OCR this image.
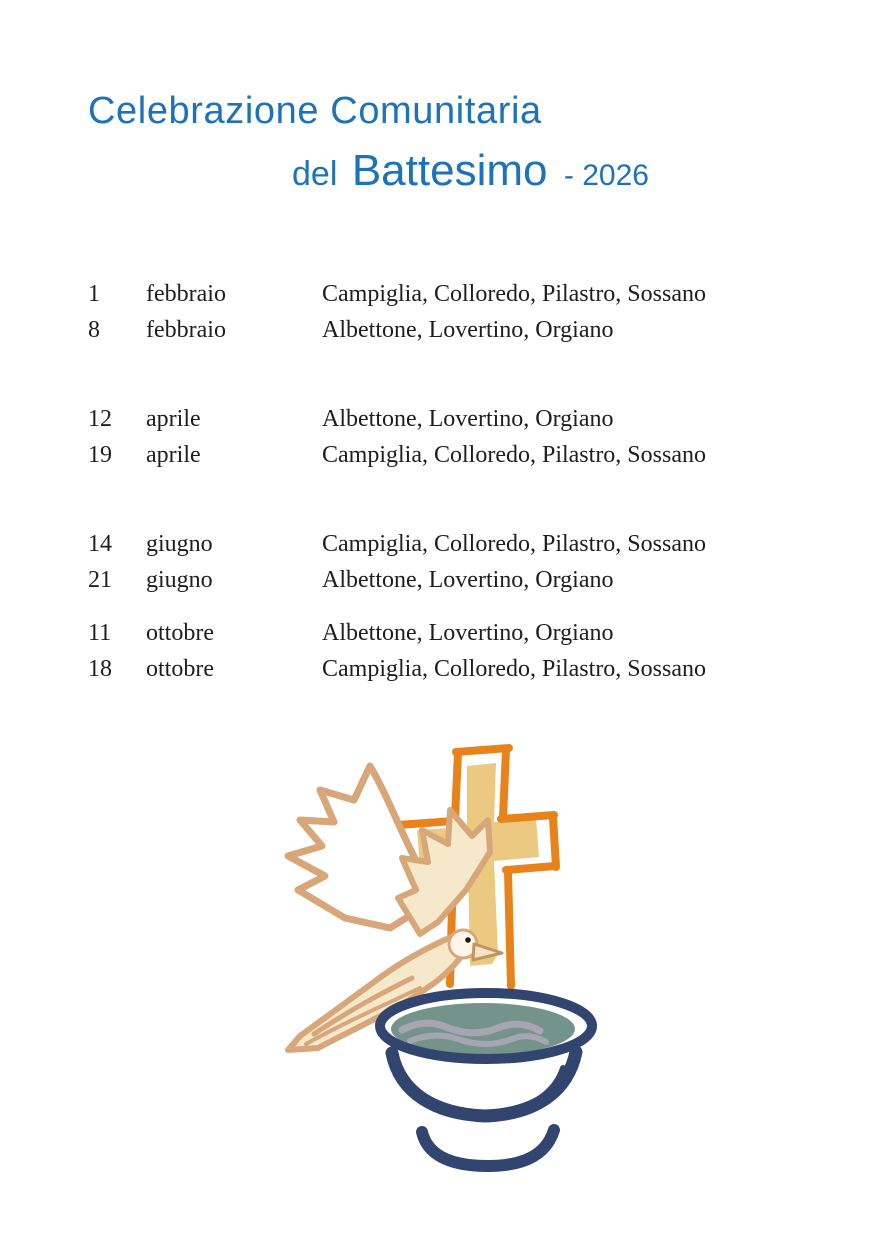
Celebrazione Comunitaria
del Battesimo - 2026
1 febbraio	Campiglia, Colloredo, Pilastro, Sossano
8 febbraio	Albettone, Lovertino, Orgiano
12 aprile	Albettone, Lovertino, Orgiano
19 aprile	Campiglia, Colloredo, Pilastro, Sossano
14 giugno	Campiglia, Colloredo, Pilastro, Sossano
21 giugno	Albettone, Lovertino, Orgiano
11 ottobre	Albettone, Lovertino, Orgiano
18 ottobre	Campiglia, Colloredo, Pilastro, Sossano
